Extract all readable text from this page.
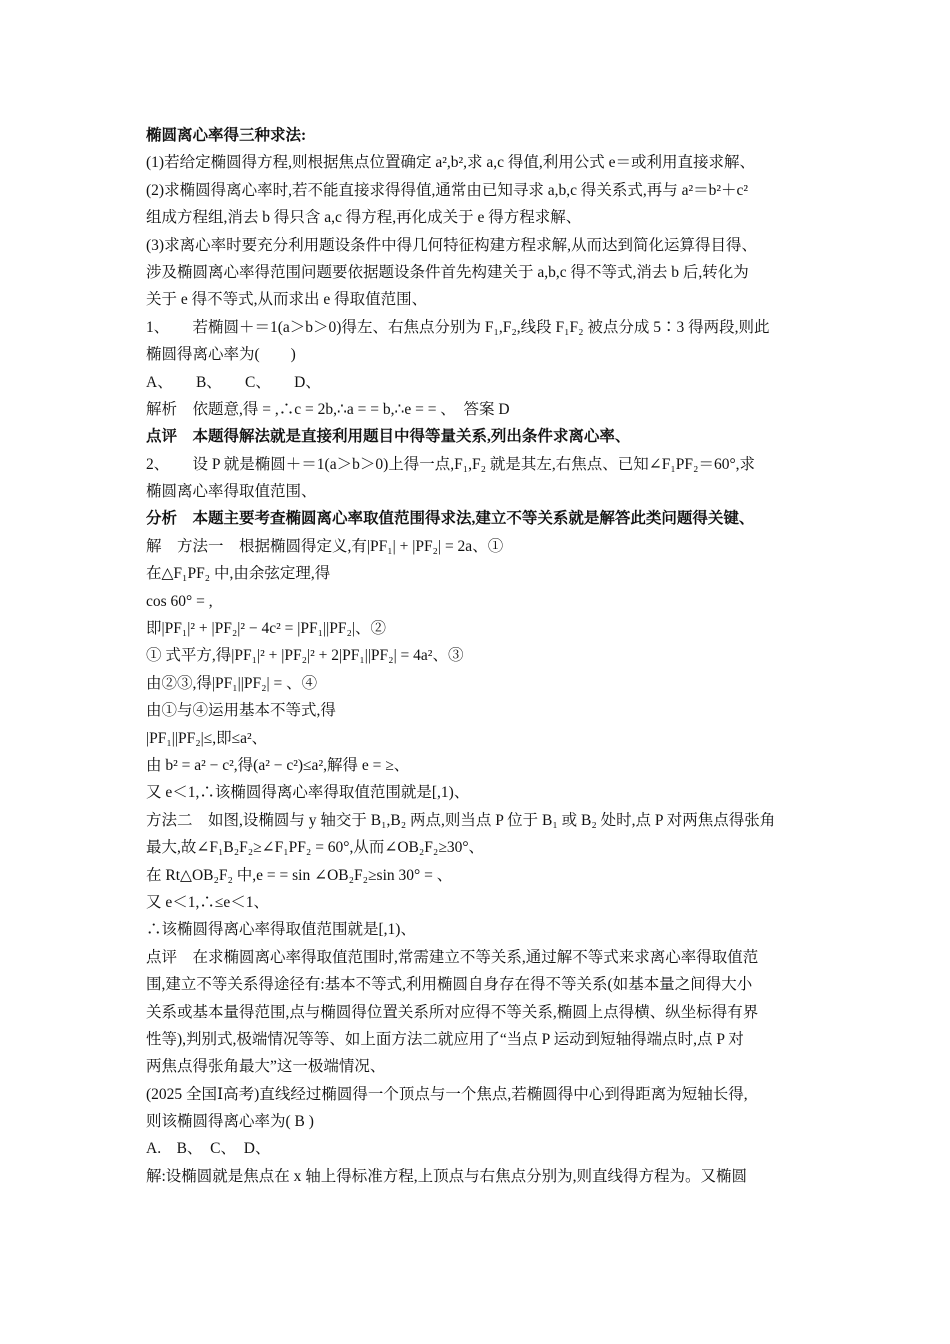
椭圆离心率得三种求法:
(1)若给定椭圆得方程,则根据焦点位置确定 a²,b²,求 a,c 得值,利用公式 e＝或利用直接求解、
(2)求椭圆得离心率时,若不能直接求得得值,通常由已知寻求 a,b,c 得关系式,再与 a²＝b²＋c²
组成方程组,消去 b 得只含 a,c 得方程,再化成关于 e 得方程求解、
(3)求离心率时要充分利用题设条件中得几何特征构建方程求解,从而达到简化运算得目得、
涉及椭圆离心率得范围问题要依据题设条件首先构建关于 a,b,c 得不等式,消去 b 后,转化为
关于 e 得不等式,从而求出 e 得取值范围、
1、　　若椭圆＋＝1(a＞b＞0)得左、右焦点分别为 F₁,F₂,线段 F₁F₂ 被点分成 5∶3 得两段,则此
椭圆得离心率为(　　)
A、　　B、　　C、　　D、
解析　依题意,得 = ,∴c = 2b,∴a = = b,∴e = = 、　答案 D
点评　本题得解法就是直接利用题目中得等量关系,列出条件求离心率、
2、　　设 P 就是椭圆＋＝1(a＞b＞0)上得一点,F₁,F₂ 就是其左,右焦点、已知∠F₁PF₂＝60°,求
椭圆离心率得取值范围、
分析　本题主要考查椭圆离心率取值范围得求法,建立不等关系就是解答此类问题得关键、
解　方法一　根据椭圆得定义,有|PF₁| + |PF₂| = 2a、①
在△F₁PF₂ 中,由余弦定理,得
cos 60° = ,
即|PF₁|² + |PF₂|² − 4c² = |PF₁||PF₂|、②
① 式平方,得|PF₁|² + |PF₂|² + 2|PF₁||PF₂| = 4a²、③
由②③,得|PF₁||PF₂| = 、④
由①与④运用基本不等式,得
|PF₁||PF₂|≤,即≤a²、
由 b² = a² − c²,得(a² − c²)≤a²,解得 e = ≥、
又 e＜1,∴该椭圆得离心率得取值范围就是[,1)、
方法二　如图,设椭圆与 y 轴交于 B₁,B₂ 两点,则当点 P 位于 B₁ 或 B₂ 处时,点 P 对两焦点得张角
最大,故∠F₁B₂F₂≥∠F₁PF₂ = 60°,从而∠OB₂F₂≥30°、
在 Rt△OB₂F₂ 中,e = = sin ∠OB₂F₂≥sin 30° = 、
又 e＜1,∴≤e＜1、
∴该椭圆得离心率得取值范围就是[,1)、
点评　在求椭圆离心率得取值范围时,常需建立不等关系,通过解不等式来求离心率得取值范
围,建立不等关系得途径有:基本不等式,利用椭圆自身存在得不等关系(如基本量之间得大小
关系或基本量得范围,点与椭圆得位置关系所对应得不等关系,椭圆上点得横、纵坐标得有界
性等),判别式,极端情况等等、如上面方法二就应用了“当点 P 运动到短轴得端点时,点 P 对
两焦点得张角最大”这一极端情况、
(2025 全国Ⅰ高考)直线经过椭圆得一个顶点与一个焦点,若椭圆得中心到得距离为短轴长得,
则该椭圆得离心率为( B )
A.　B、　C、　D、
解:设椭圆就是焦点在 x 轴上得标准方程,上顶点与右焦点分别为,则直线得方程为。又椭圆
